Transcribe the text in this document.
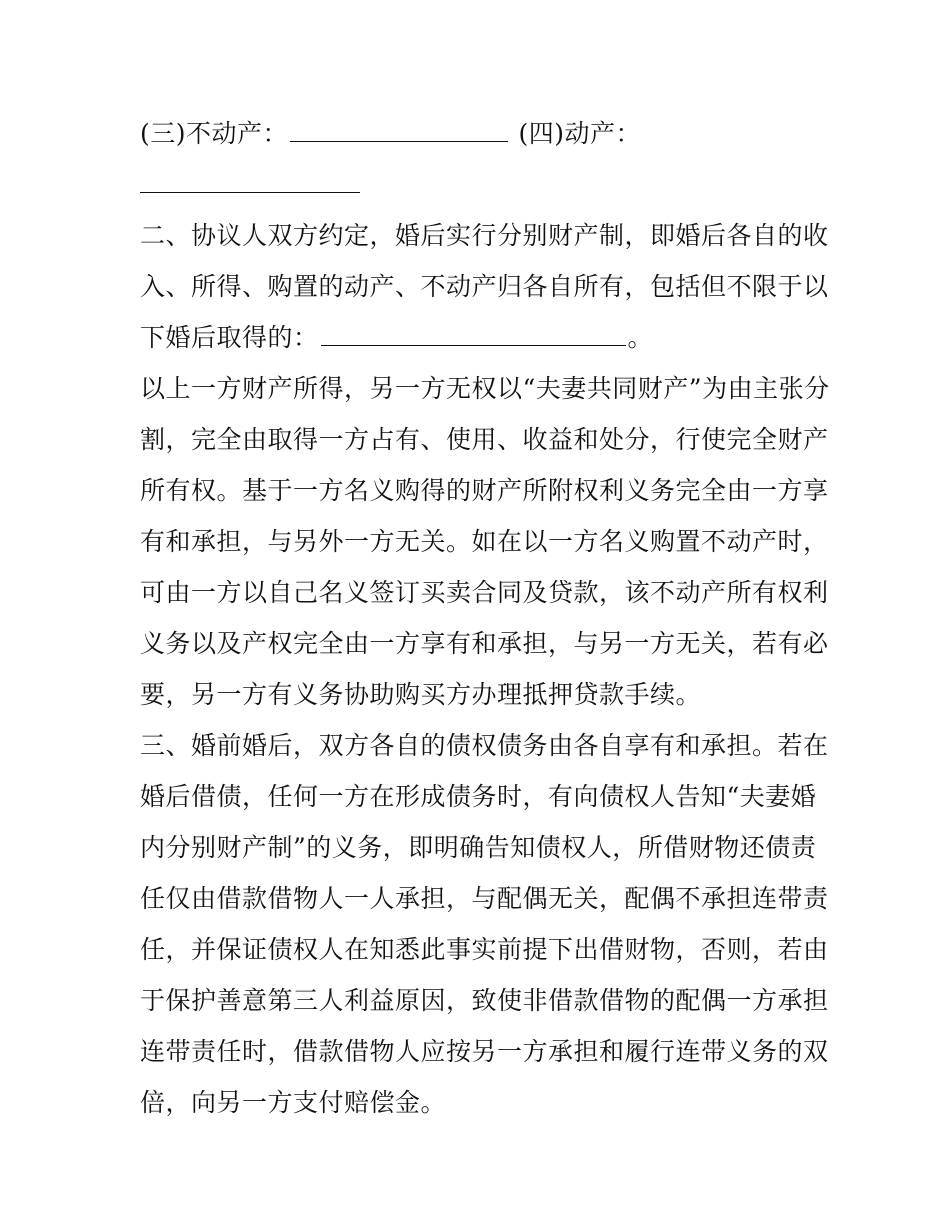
(三)不动产：	(四)动产：
二、协议人双方约定，婚后实行分别财产制，即婚后各自的收
入、所得、购置的动产、不动产归各自所有，包括但不限于以
下婚后取得的：	。
以上一方财产所得，另一方无权以“夫妻共同财产”为由主张分
割，完全由取得一方占有、使用、收益和处分，行使完全财产
所有权。基于一方名义购得的财产所附权利义务完全由一方享
有和承担，与另外一方无关。如在以一方名义购置不动产时，
可由一方以自己名义签订买卖合同及贷款，该不动产所有权利
义务以及产权完全由一方享有和承担，与另一方无关，若有必
要，另一方有义务协助购买方办理抵押贷款手续。
三、婚前婚后，双方各自的债权债务由各自享有和承担。若在
婚后借债，任何一方在形成债务时，有向债权人告知“夫妻婚
内分别财产制”的义务，即明确告知债权人，所借财物还债责
任仅由借款借物人一人承担，与配偶无关，配偶不承担连带责
任，并保证债权人在知悉此事实前提下出借财物，否则，若由
于保护善意第三人利益原因，致使非借款借物的配偶一方承担
连带责任时，借款借物人应按另一方承担和履行连带义务的双
倍，向另一方支付赔偿金。
